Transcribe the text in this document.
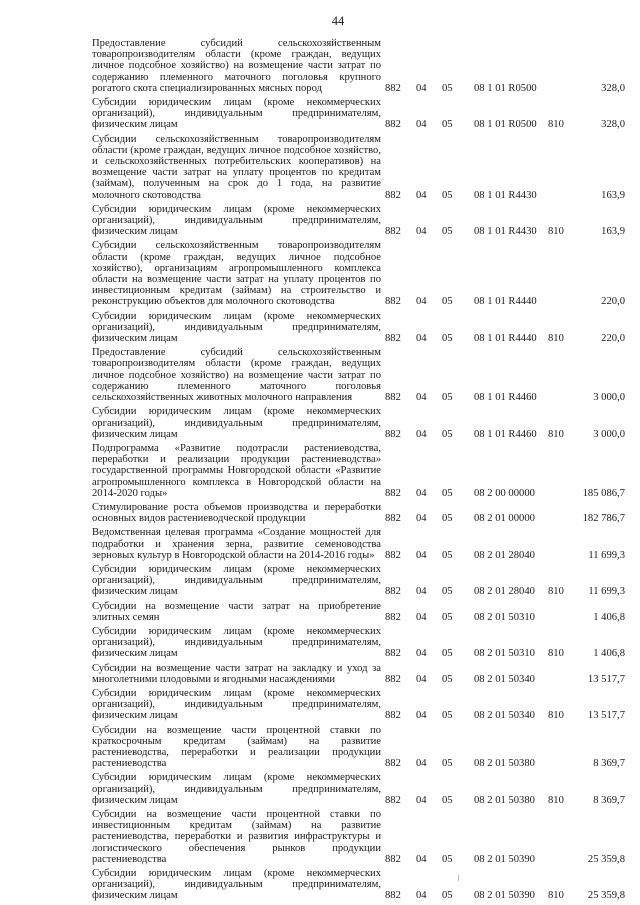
44
Предоставление субсидий сельскохозяйственным товаропроизводителям области (кроме граждан, ведущих личное подсобное хозяйство) на возмещение части затрат по содержанию племенного маточного поголовья крупного рогатого скота специализированных мясных пород	882 04 05 08 1 01 R0500	328,0
Субсидии юридическим лицам (кроме некоммерческих организаций), индивидуальным предпринимателям, физическим лицам	882 04 05 08 1 01 R0500 810	328,0
Субсидии сельскохозяйственным товаропроизводителям области (кроме граждан, ведущих личное подсобное хозяйство, и сельскохозяйственных потребительских кооперативов) на возмещение части затрат на уплату процентов по кредитам (займам), полученным на срок до 1 года, на развитие молочного скотоводства	882 04 05 08 1 01 R4430	163,9
Субсидии юридическим лицам (кроме некоммерческих организаций), индивидуальным предпринимателям, физическим лицам	882 04 05 08 1 01 R4430 810	163,9
Субсидии сельскохозяйственным товаропроизводителям области (кроме граждан, ведущих личное подсобное хозяйство), организациям агропромышленного комплекса области на возмещение части затрат на уплату процентов по инвестиционным кредитам (займам) на строительство и реконструкцию объектов для молочного скотоводства	882 04 05 08 1 01 R4440	220,0
Субсидии юридическим лицам (кроме некоммерческих организаций), индивидуальным предпринимателям, физическим лицам	882 04 05 08 1 01 R4440 810	220,0
Предоставление субсидий сельскохозяйственным товаропроизводителям области (кроме граждан, ведущих личное подсобное хозяйство) на возмещение части затрат по содержанию племенного маточного поголовья сельскохозяйственных животных молочного направления	882 04 05 08 1 01 R4460	3 000,0
Субсидии юридическим лицам (кроме некоммерческих организаций), индивидуальным предпринимателям, физическим лицам	882 04 05 08 1 01 R4460 810	3 000,0
Подпрограмма «Развитие подотрасли растениеводства, переработки и реализации продукции растениеводства» государственной программы Новгородской области «Развитие агропромышленного комплекса в Новгородской области на 2014-2020 годы»	882 04 05 08 2 00 00000	185 086,7
Стимулирование роста объемов производства и переработки основных видов растениеводческой продукции	882 04 05 08 2 01 00000	182 786,7
Ведомственная целевая программа «Создание мощностей для подработки и хранения зерна, развитие семеноводства зерновых культур в Новгородской области на 2014-2016 годы» 882 04 05 08 2 01 28040	11 699,3
Субсидии юридическим лицам (кроме некоммерческих организаций), индивидуальным предпринимателям, физическим лицам	882 04 05 08 2 01 28040 810 11 699,3
Субсидии на возмещение части затрат на приобретение элитных семян	882 04 05 08 2 01 50310	1 406,8
Субсидии юридическим лицам (кроме некоммерческих организаций), индивидуальным предпринимателям, физическим лицам	882 04 05 08 2 01 50310 810	1 406,8
Субсидии на возмещение части затрат на закладку и уход за многолетними плодовыми и ягодными насаждениями	882 04 05 08 2 01 50340	13 517,7
Субсидии юридическим лицам (кроме некоммерческих организаций), индивидуальным предпринимателям, физическим лицам	882 04 05 08 2 01 50340 810 13 517,7
Субсидии на возмещение части процентной ставки по краткосрочным кредитам (займам) на развитие растениеводства, переработки и реализации продукции растениеводства	882 04 05 08 2 01 50380	8 369,7
Субсидии юридическим лицам (кроме некоммерческих организаций), индивидуальным предпринимателям, физическим лицам	882 04 05 08 2 01 50380 810	8 369,7
Субсидии на возмещение части процентной ставки по инвестиционным кредитам (займам) на развитие растениеводства, переработки и развития инфраструктуры и логистического обеспечения рынков продукции растениеводства	882 04 05 08 2 01 50390	25 359,8
Субсидии юридическим лицам (кроме некоммерческих организаций), индивидуальным предпринимателям, физическим лицам	882 04 05 08 2 01 50390 810 25 359,8
